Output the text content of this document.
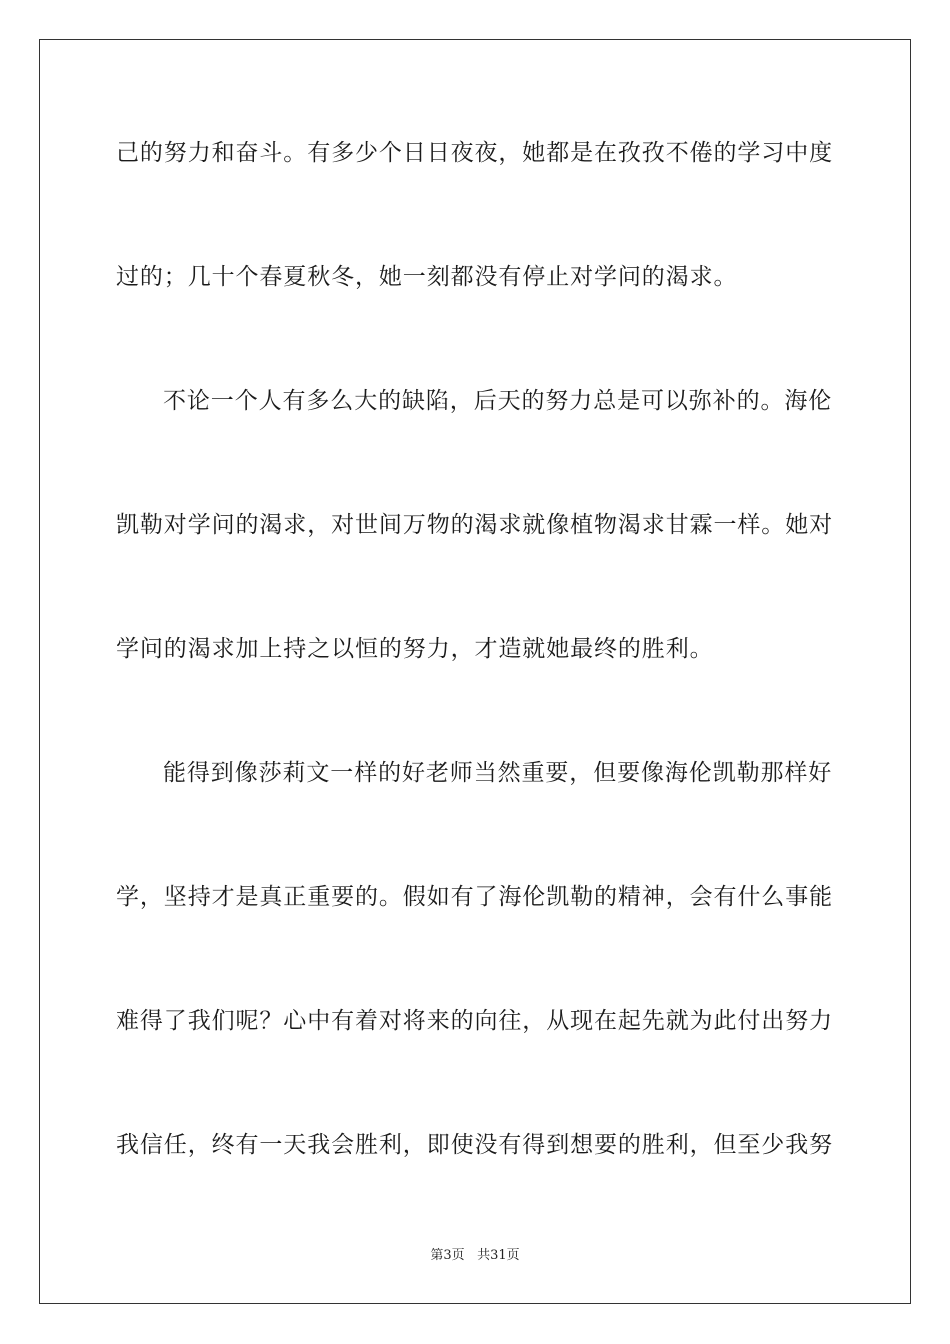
己的努力和奋斗。有多少个日日夜夜，她都是在孜孜不倦的学习中度
过的；几十个春夏秋冬，她一刻都没有停止对学问的渴求。
不论一个人有多么大的缺陷，后天的努力总是可以弥补的。海伦
凯勒对学问的渴求，对世间万物的渴求就像植物渴求甘霖一样。她对
学问的渴求加上持之以恒的努力，才造就她最终的胜利。
能得到像莎莉文一样的好老师当然重要，但要像海伦凯勒那样好
学，坚持才是真正重要的。假如有了海伦凯勒的精神，会有什么事能
难得了我们呢？心中有着对将来的向往，从现在起先就为此付出努力
我信任，终有一天我会胜利，即使没有得到想要的胜利，但至少我努
第3页 共31页
